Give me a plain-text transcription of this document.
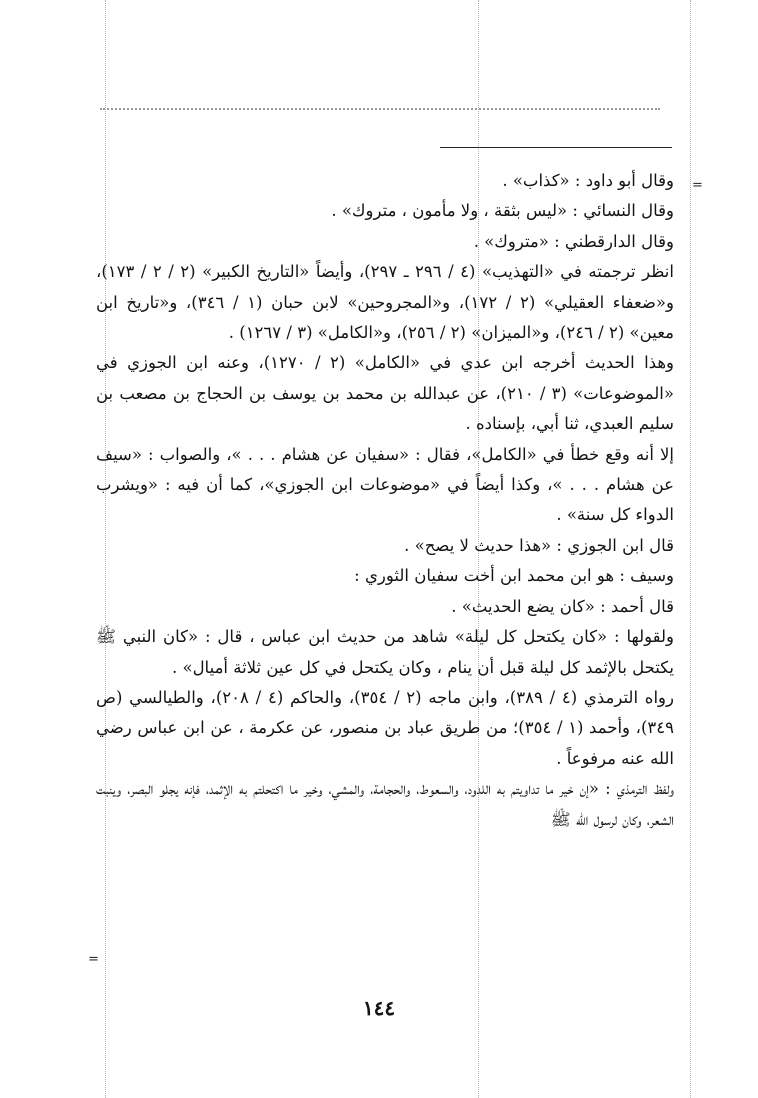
=
=

وقال أبو داود : «كذاب» .

وقال النسائي : «ليس بثقة ، ولا مأمون ، متروك» .

وقال الدارقطني : «متروك» .

انظر ترجمته في «التهذيب» (٤ / ٢٩٦ ـ ٢٩٧)، وأيضاً «التاريخ الكبير» (٢ / ٢ / ١٧٣)، و«ضعفاء العقيلي» (٢ / ١٧٢)، و«المجروحين» لابن حبان (١ / ٣٤٦)، و«تاريخ ابن معين» (٢ / ٢٤٦)، و«الميزان» (٢ / ٢٥٦)، و«الكامل» (٣ / ١٢٦٧) .

وهذا الحديث أخرجه ابن عدي في «الكامل» (٢ / ١٢٧٠)، وعنه ابن الجوزي في «الموضوعات» (٣ / ٢١٠)، عن عبدالله بن محمد بن يوسف بن الحجاج بن مصعب بن سليم العبدي، ثنا أبي، بإسناده .

إلا أنه وقع خطأ في «الكامل»، فقال : «سفيان عن هشام . . . »، والصواب : «سيف عن هشام . . . »، وكذا أيضاً في «موضوعات ابن الجوزي»، كما أن فيه : «ويشرب الدواء كل سنة» .

قال ابن الجوزي : «هذا حديث لا يصح» .

وسيف : هو ابن محمد ابن أخت سفيان الثوري :

قال أحمد : «كان يضع الحديث» .

ولقولها : «كان يكتحل كل ليلة» شاهد من حديث ابن عباس ، قال : «كان النبي ﷺ يكتحل بالإثمد كل ليلة قبل أن ينام ، وكان يكتحل في كل عين ثلاثة أميال» .

رواه الترمذي (٤ / ٣٨٩)، وابن ماجه (٢ / ٣٥٤)، والحاكم (٤ / ٢٠٨)، والطيالسي (ص ٣٤٩)، وأحمد (١ / ٣٥٤)؛ من طريق عباد بن منصور، عن عكرمة ، عن ابن عباس رضي الله عنه مرفوعاً .

ولفظ الترمذي : «إن خير ما تداويتم به اللدود، والسعوط، والحجامة، والمشي، وخير ما اكتحلتم به الإثمد، فإنه يجلو البصر، وينبت الشعر، وكان لرسول الله ﷺ

١٤٤
